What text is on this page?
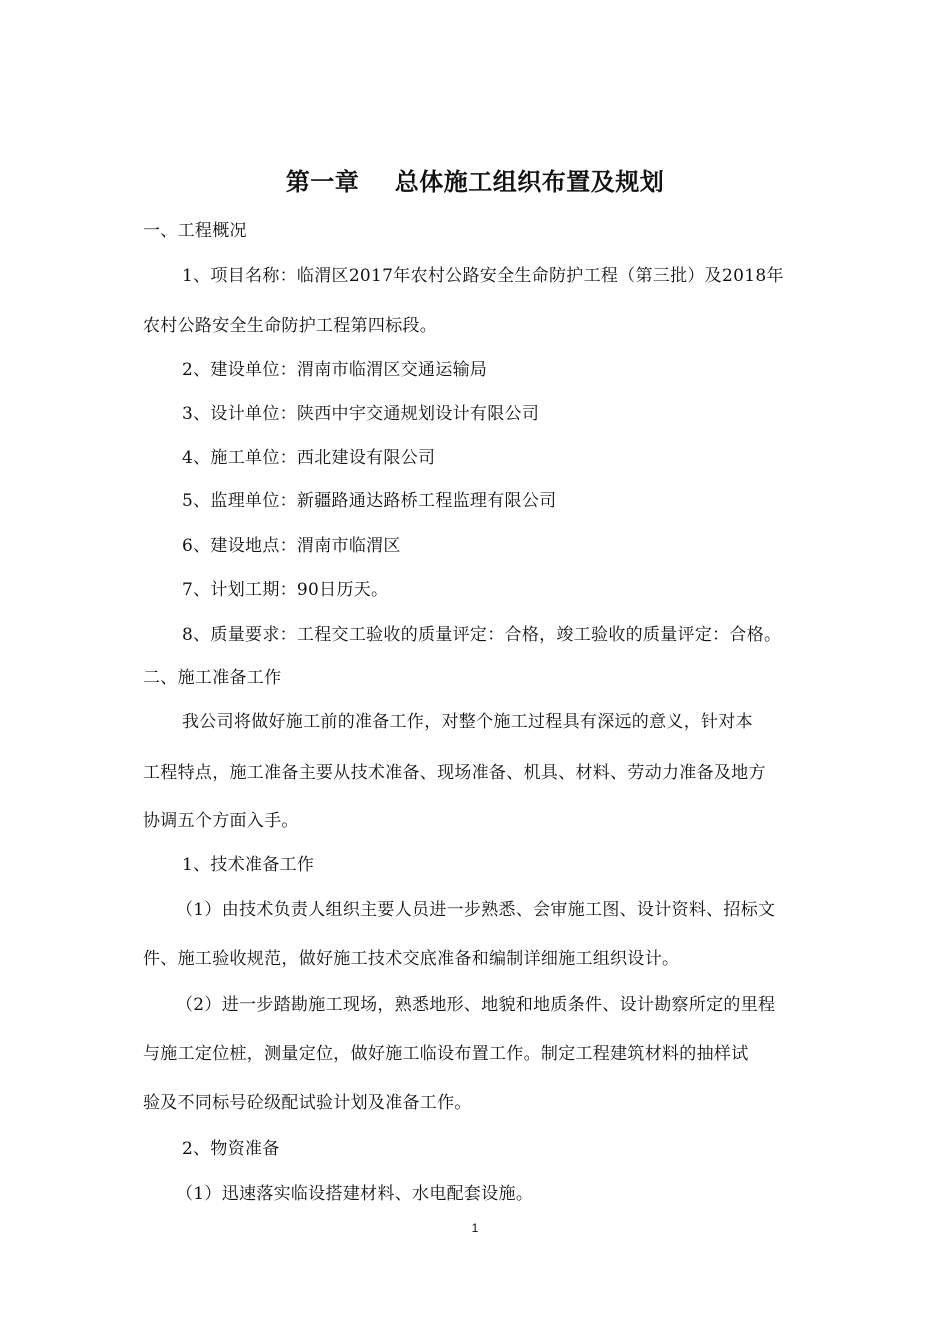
第一章    总体施工组织布置及规划
一、工程概况
1、项目名称：临渭区2017年农村公路安全生命防护工程（第三批）及2018年
农村公路安全生命防护工程第四标段。
2、建设单位：渭南市临渭区交通运输局
3、设计单位：陕西中宇交通规划设计有限公司
4、施工单位：西北建设有限公司
5、监理单位：新疆路通达路桥工程监理有限公司
6、建设地点：渭南市临渭区
7、计划工期：90日历天。
8、质量要求：工程交工验收的质量评定：合格，竣工验收的质量评定：合格。
二、施工准备工作
我公司将做好施工前的准备工作，对整个施工过程具有深远的意义，针对本
工程特点，施工准备主要从技术准备、现场准备、机具、材料、劳动力准备及地方
协调五个方面入手。
1、技术准备工作
（1）由技术负责人组织主要人员进一步熟悉、会审施工图、设计资料、招标文
件、施工验收规范，做好施工技术交底准备和编制详细施工组织设计。
（2）进一步踏勘施工现场，熟悉地形、地貌和地质条件、设计勘察所定的里程
与施工定位桩，测量定位，做好施工临设布置工作。制定工程建筑材料的抽样试
验及不同标号砼级配试验计划及准备工作。
2、物资准备
（1）迅速落实临设搭建材料、水电配套设施。
1
